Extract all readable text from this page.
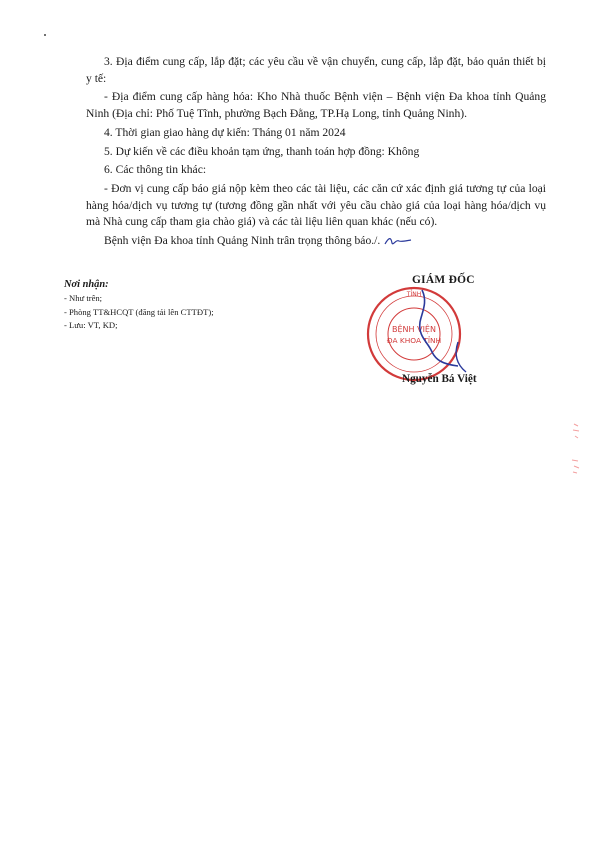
3. Địa điểm cung cấp, lắp đặt; các yêu cầu về vận chuyển, cung cấp, lắp đặt, bảo quản thiết bị y tế:

- Địa điểm cung cấp hàng hóa: Kho Nhà thuốc Bệnh viện – Bệnh viện Đa khoa tỉnh Quảng Ninh (Địa chỉ: Phố Tuệ Tĩnh, phường Bạch Đằng, TP.Hạ Long, tỉnh Quảng Ninh).

4. Thời gian giao hàng dự kiến: Tháng 01 năm 2024

5. Dự kiến về các điều khoản tạm ứng, thanh toán hợp đồng: Không

6. Các thông tin khác:

- Đơn vị cung cấp báo giá nộp kèm theo các tài liệu, các căn cứ xác định giá tương tự của loại hàng hóa/dịch vụ tương tự (tương đồng gần nhất với yêu cầu chào giá của loại hàng hóa/dịch vụ mà Nhà cung cấp tham gia chào giá) và các tài liệu liên quan khác (nếu có).

Bệnh viện Đa khoa tỉnh Quảng Ninh trân trọng thông báo./.

Nơi nhận:
- Như trên;
- Phòng TT&HCQT (đăng tải lên CTTĐT);
- Lưu: VT, KD;
GIÁM ĐỐC
TỈNH
BỆNH VIỆN
ĐA KHOA TỈNH
Nguyễn Bá Việt
